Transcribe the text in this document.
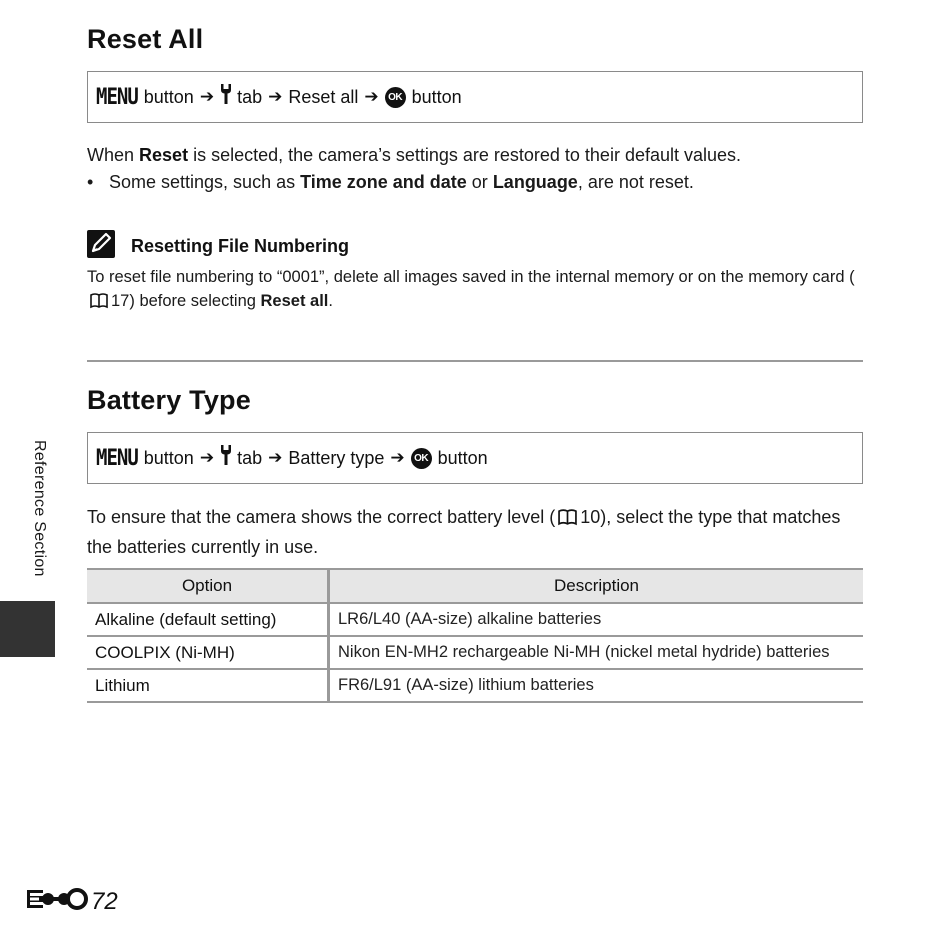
Reset All
MENU button ➔ tab ➔ Reset all ➔ OK button
When Reset is selected, the camera’s settings are restored to their default values.
• Some settings, such as Time zone and date or Language, are not reset.
Resetting File Numbering
To reset file numbering to “0001”, delete all images saved in the internal memory or on the memory card (17) before selecting Reset all.
Battery Type
MENU button ➔ tab ➔ Battery type ➔ OK button
To ensure that the camera shows the correct battery level ( 10), select the type that matches the batteries currently in use.
Option	Description
Alkaline (default setting)	LR6/L40 (AA-size) alkaline batteries
COOLPIX (Ni-MH)	Nikon EN-MH2 rechargeable Ni-MH (nickel metal hydride) batteries
Lithium	FR6/L91 (AA-size) lithium batteries
Reference Section
72
